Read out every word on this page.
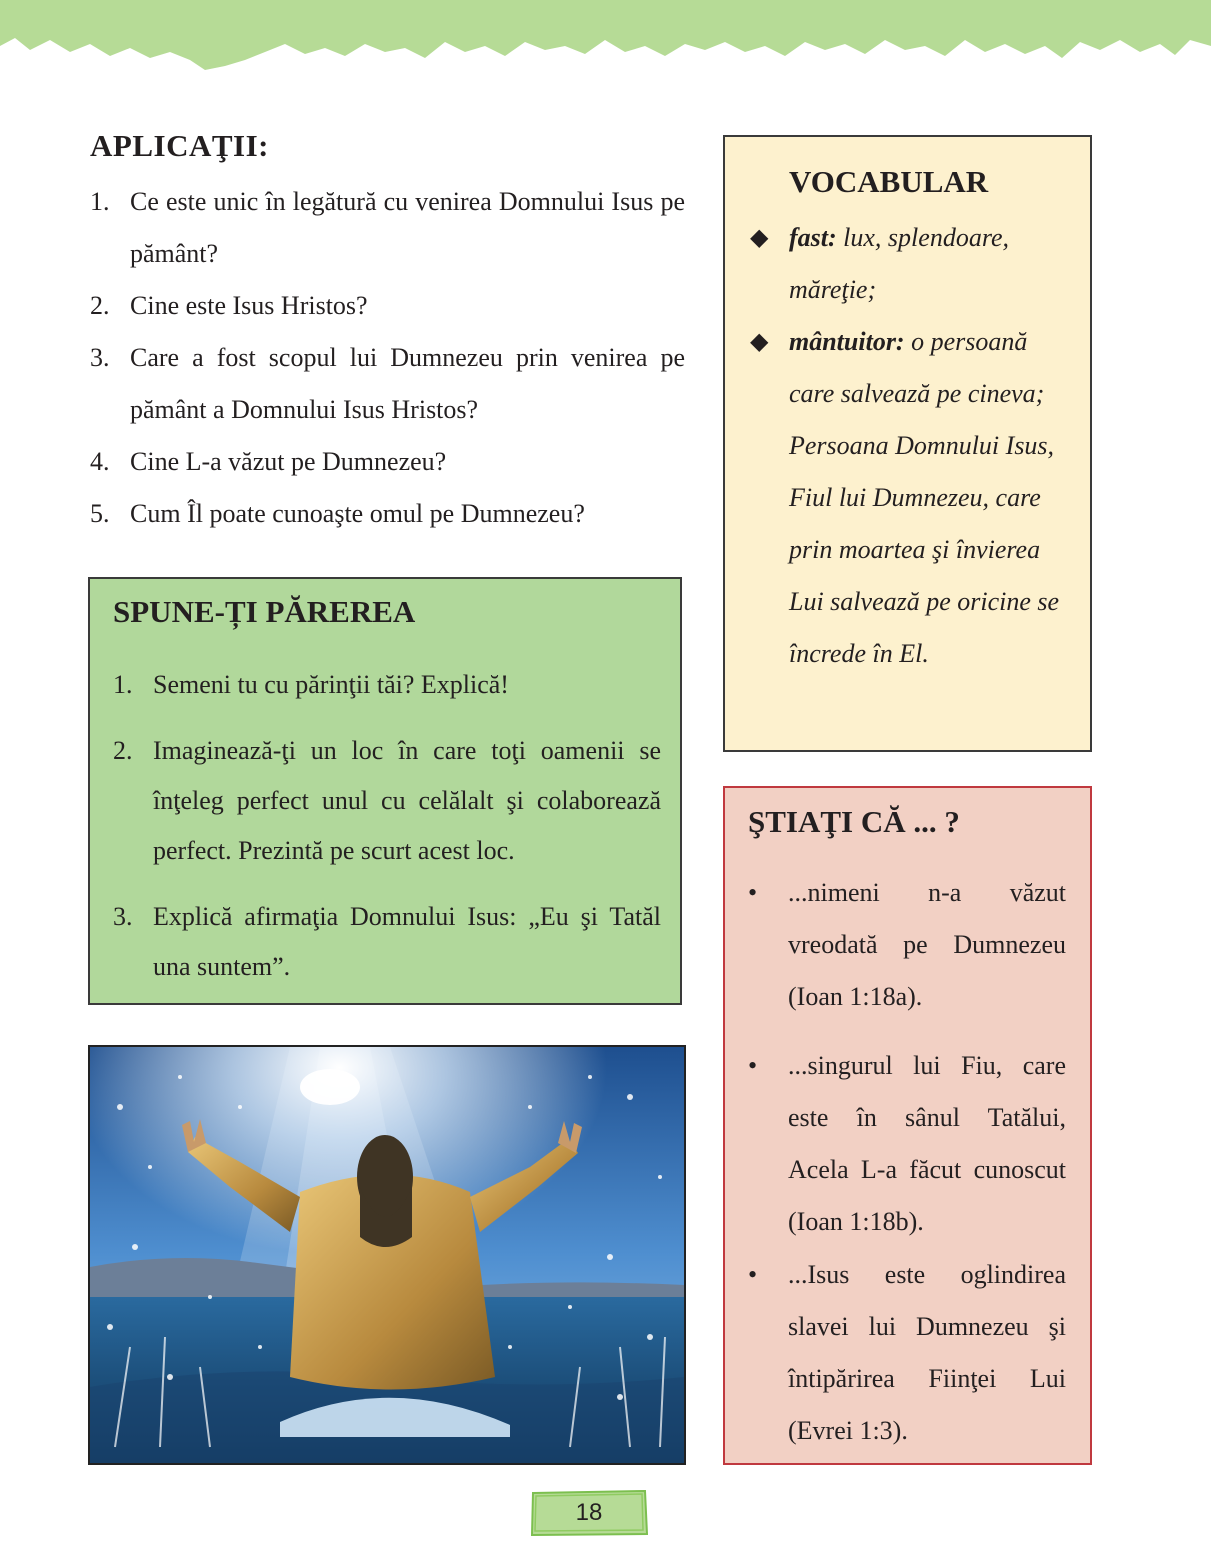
APLICAŢII:
1. Ce este unic în legătură cu venirea Domnului Isus pe pământ?
2. Cine este Isus Hristos?
3. Care a fost scopul lui Dumnezeu prin venirea pe pământ a Domnului Isus Hristos?
4. Cine L-a văzut pe Dumnezeu?
5. Cum Îl poate cunoaşte omul pe Dumnezeu?
SPUNE-ȚI PĂREREA
1. Semeni tu cu părinţii tăi? Explică!
2. Imaginează-ţi un loc în care toţi oamenii se înţeleg perfect unul cu celălalt şi colaborează perfect. Prezintă pe scurt acest loc.
3. Explică afirmaţia Domnului Isus: „Eu şi Tatăl una suntem”.
VOCABULAR
◆ fast: lux, splendoare, măreţie;
◆ mântuitor: o persoană care salvează pe cineva; Persoana Domnului Isus, Fiul lui Dumnezeu, care prin moartea şi învierea Lui salvează pe oricine se încrede în El.
ŞTIAŢI CĂ ... ?
• ...nimeni n-a văzut vreodată pe Dumnezeu (Ioan 1:18a).
• ...singurul lui Fiu, care este în sânul Tatălui, Acela L-a făcut cunoscut (Ioan 1:18b).
• ...Isus este oglindirea slavei lui Dumnezeu şi întipărirea Fiinţei Lui (Evrei 1:3).
18
